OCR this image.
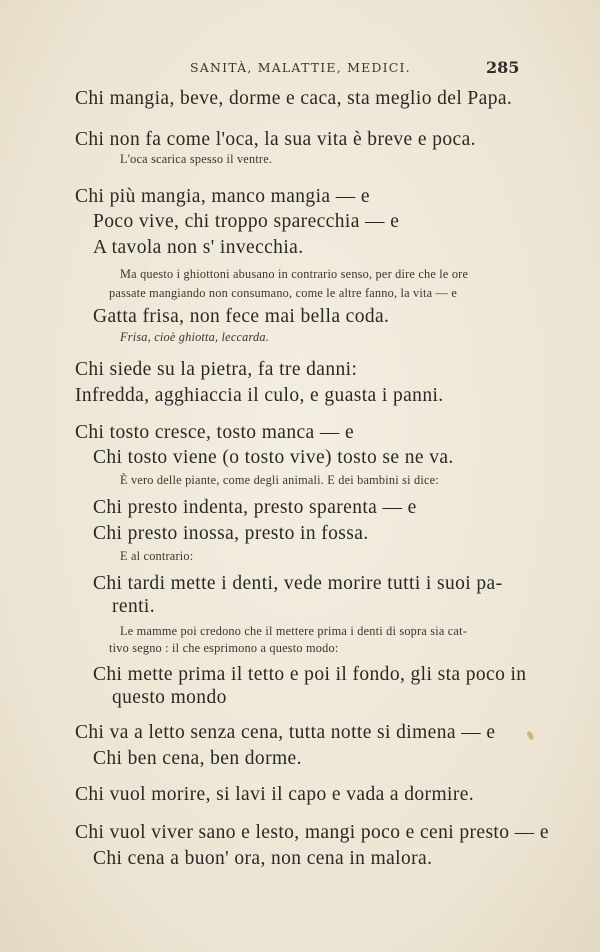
SANITÀ, MALATTIE, MEDICI.	285

Chi mangia, beve, dorme e caca, sta meglio del Papa.

Chi non fa come l'oca, la sua vita è breve e poca.

L'oca scarica spesso il ventre.

Chi più mangia, manco mangia — e

Poco vive, chi troppo sparecchia — e

A tavola non s' invecchia.

Ma questo i ghiottoni abusano in contrario senso, per dire che le ore

passate mangiando non consumano, come le altre fanno, la vita — e

Gatta frisa, non fece mai bella coda.

Frisa, cioè ghiotta, leccarda.

Chi siede su la pietra, fa tre danni:

Infredda, agghiaccia il culo, e guasta i panni.

Chi tosto cresce, tosto manca — e

Chi tosto viene (o tosto vive) tosto se ne va.

È vero delle piante, come degli animali. E dei bambini si dice:

Chi presto indenta, presto sparenta — e

Chi presto inossa, presto in fossa.

E al contrario:

Chi tardi mette i denti, vede morire tutti i suoi pa-

renti.

Le mamme poi credono che il mettere prima i denti di sopra sia cat-

tivo segno : il che esprimono a questo modo:

Chi mette prima il tetto e poi il fondo, gli sta poco in

questo mondo

Chi va a letto senza cena, tutta notte si dimena — e

Chi ben cena, ben dorme.

Chi vuol morire, si lavi il capo e vada a dormire.

Chi vuol viver sano e lesto, mangi poco e ceni presto — e

Chi cena a buon' ora, non cena in malora.
